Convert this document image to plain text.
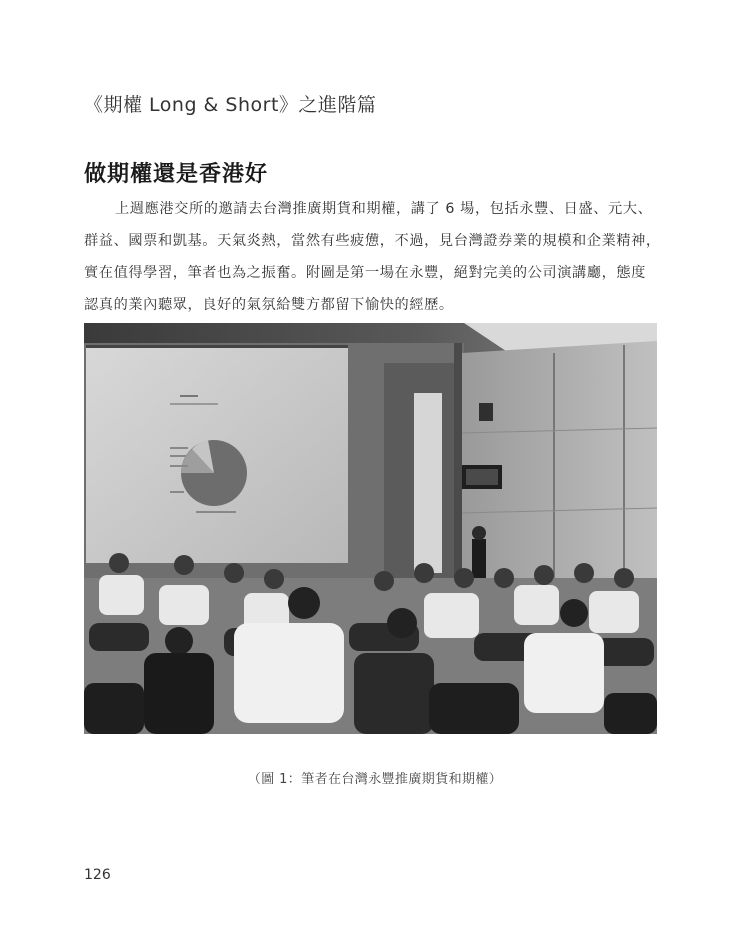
《期權 Long & Short》之進階篇
做期權還是香港好
上週應港交所的邀請去台灣推廣期貨和期權，講了 6 場，包括永豐、日盛、元大、
群益、國票和凱基。天氣炎熱，當然有些疲憊，不過，見台灣證券業的規模和企業精神，
實在值得學習，筆者也為之振奮。附圖是第一場在永豐，絕對完美的公司演講廳，態度
認真的業內聽眾，良好的氣氛給雙方都留下愉快的經歷。
（圖 1：筆者在台灣永豐推廣期貨和期權）
126
